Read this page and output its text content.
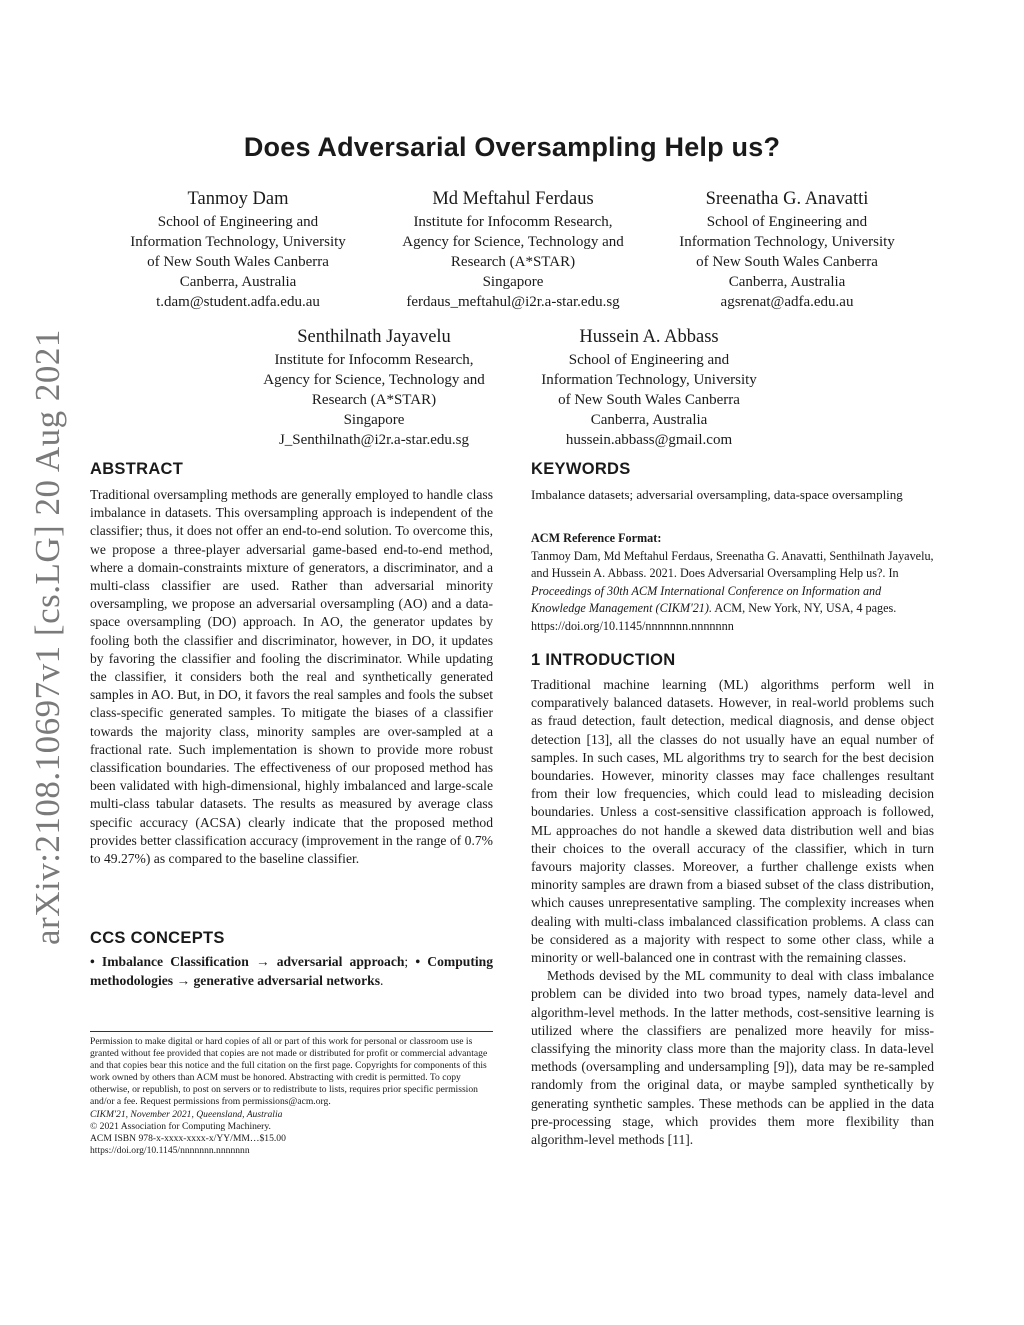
arXiv:2108.10697v1 [cs.LG] 20 Aug 2021
Does Adversarial Oversampling Help us?
Tanmoy Dam
School of Engineering and
Information Technology, University
of New South Wales Canberra
Canberra, Australia
t.dam@student.adfa.edu.au
Md Meftahul Ferdaus
Institute for Infocomm Research,
Agency for Science, Technology and
Research (A*STAR)
Singapore
ferdaus_meftahul@i2r.a-star.edu.sg
Sreenatha G. Anavatti
School of Engineering and
Information Technology, University
of New South Wales Canberra
Canberra, Australia
agsrenat@adfa.edu.au
Senthilnath Jayavelu
Institute for Infocomm Research,
Agency for Science, Technology and
Research (A*STAR)
Singapore
J_Senthilnath@i2r.a-star.edu.sg
Hussein A. Abbass
School of Engineering and
Information Technology, University
of New South Wales Canberra
Canberra, Australia
hussein.abbass@gmail.com
ABSTRACT

Traditional oversampling methods are generally employed to handle class imbalance in datasets. This oversampling approach is independent of the classifier; thus, it does not offer an end-to-end solution. To overcome this, we propose a three-player adversarial game-based end-to-end method, where a domain-constraints mixture of generators, a discriminator, and a multi-class classifier are used. Rather than adversarial minority oversampling, we propose an adversarial oversampling (AO) and a data-space oversampling (DO) approach. In AO, the generator updates by fooling both the classifier and discriminator, however, in DO, it updates by favoring the classifier and fooling the discriminator. While updating the classifier, it considers both the real and synthetically generated samples in AO. But, in DO, it favors the real samples and fools the subset class-specific generated samples. To mitigate the biases of a classifier towards the majority class, minority samples are over-sampled at a fractional rate. Such implementation is shown to provide more robust classification boundaries. The effectiveness of our proposed method has been validated with high-dimensional, highly imbalanced and large-scale multi-class tabular datasets. The results as measured by average class specific accuracy (ACSA) clearly indicate that the proposed method provides better classification accuracy (improvement in the range of 0.7% to 49.27%) as compared to the baseline classifier.

CCS CONCEPTS
• Imbalance Classification → adversarial approach; • Computing methodologies → generative adversarial networks.

Permission to make digital or hard copies of all or part of this work for personal or classroom use is granted without fee provided that copies are not made or distributed for profit or commercial advantage and that copies bear this notice and the full citation on the first page. Copyrights for components of this work owned by others than ACM must be honored. Abstracting with credit is permitted. To copy otherwise, or republish, to post on servers or to redistribute to lists, requires prior specific permission and/or a fee. Request permissions from permissions@acm.org.

CIKM'21, November 2021, Queensland, Australia

© 2021 Association for Computing Machinery.

ACM ISBN 978-x-xxxx-xxxx-x/YY/MM…$15.00

https://doi.org/10.1145/nnnnnnn.nnnnnnn

KEYWORDS
Imbalance datasets; adversarial oversampling, data-space oversampling
ACM Reference Format:
Tanmoy Dam, Md Meftahul Ferdaus, Sreenatha G. Anavatti, Senthilnath Jayavelu, and Hussein A. Abbass. 2021. Does Adversarial Oversampling Help us?. In Proceedings of 30th ACM International Conference on Information and Knowledge Management (CIKM'21). ACM, New York, NY, USA, 4 pages.
https://doi.org/10.1145/nnnnnnn.nnnnnnn
1 INTRODUCTION

Traditional machine learning (ML) algorithms perform well in comparatively balanced datasets. However, in real-world problems such as fraud detection, fault detection, medical diagnosis, and dense object detection [13], all the classes do not usually have an equal number of samples. In such cases, ML algorithms try to search for the best decision boundaries. However, minority classes may face challenges resultant from their low frequencies, which could lead to misleading decision boundaries. Unless a cost-sensitive classification approach is followed, ML approaches do not handle a skewed data distribution well and bias their choices to the overall accuracy of the classifier, which in turn favours majority classes. Moreover, a further challenge exists when minority samples are drawn from a biased subset of the class distribution, which causes unrepresentative sampling. The complexity increases when dealing with multi-class imbalanced classification problems. A class can be considered as a majority with respect to some other class, while a minority or well-balanced one in contrast with the remaining classes.

Methods devised by the ML community to deal with class imbalance problem can be divided into two broad types, namely data-level and algorithm-level methods. In the latter methods, cost-sensitive learning is utilized where the classifiers are penalized more heavily for miss-classifying the minority class more than the majority class. In data-level methods (oversampling and undersampling [9]), data may be re-sampled randomly from the original data, or maybe sampled synthetically by generating synthetic samples. These methods can be applied in the data pre-processing stage, which provides them more flexibility than algorithm-level methods [11].
